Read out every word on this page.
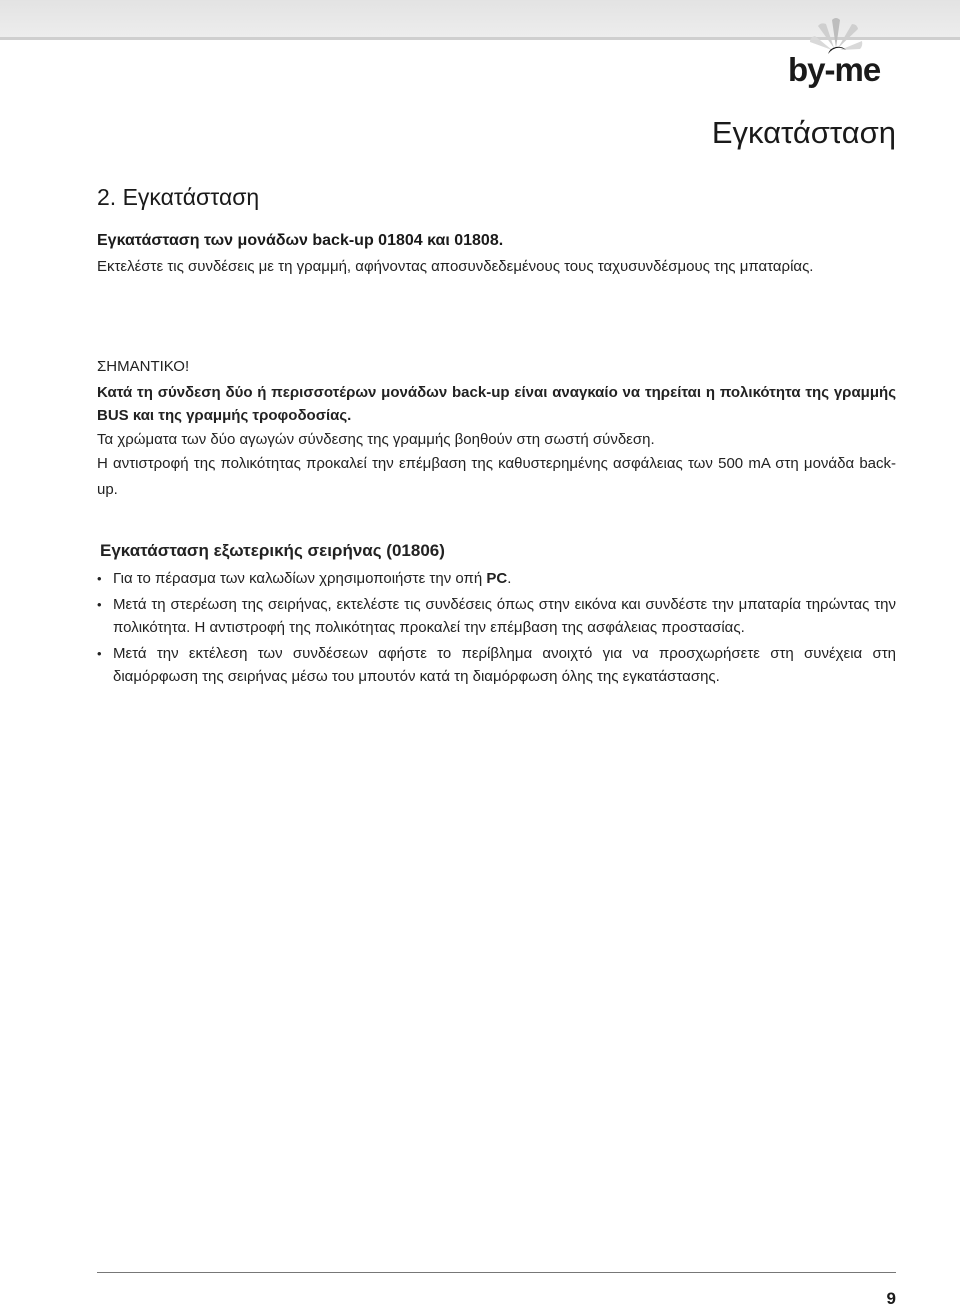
by-me
Εγκατάσταση
2. Εγκατάσταση

Εγκατάσταση των μονάδων back-up 01804 και 01808.

Εκτελέστε τις συνδέσεις με τη γραμμή, αφήνοντας αποσυνδεδεμένους τους ταχυσυνδέσμους της μπαταρίας.

ΣΗΜΑΝΤΙΚΟ!

Κατά τη σύνδεση δύο ή περισσοτέρων μονάδων back-up είναι αναγκαίο να τηρείται η πολικότητα της γραμμής BUS και της γραμμής τροφοδοσίας.

Τα χρώματα των δύο αγωγών σύνδεσης της γραμμής βοηθούν στη σωστή σύνδεση.

Η αντιστροφή της πολικότητας προκαλεί την επέμβαση της καθυστερημένης ασφάλειας των 500 mA στη μονάδα back-up.

Εγκατάσταση εξωτερικής σειρήνας (01806)

• Για το πέρασμα των καλωδίων χρησιμοποιήστε την οπή PC.
• Μετά τη στερέωση της σειρήνας, εκτελέστε τις συνδέσεις όπως στην εικόνα και συνδέστε την μπαταρία τηρώντας την πολικότητα. Η αντιστροφή της πολικότητας προκαλεί την επέμβαση της ασφάλειας προστασίας.
• Μετά την εκτέλεση των συνδέσεων αφήστε το περίβλημα ανοιχτό για να προσχωρήσετε στη συνέχεια στη διαμόρφωση της σειρήνας μέσω του μπουτόν κατά τη διαμόρφωση όλης της εγκατάστασης.
9
